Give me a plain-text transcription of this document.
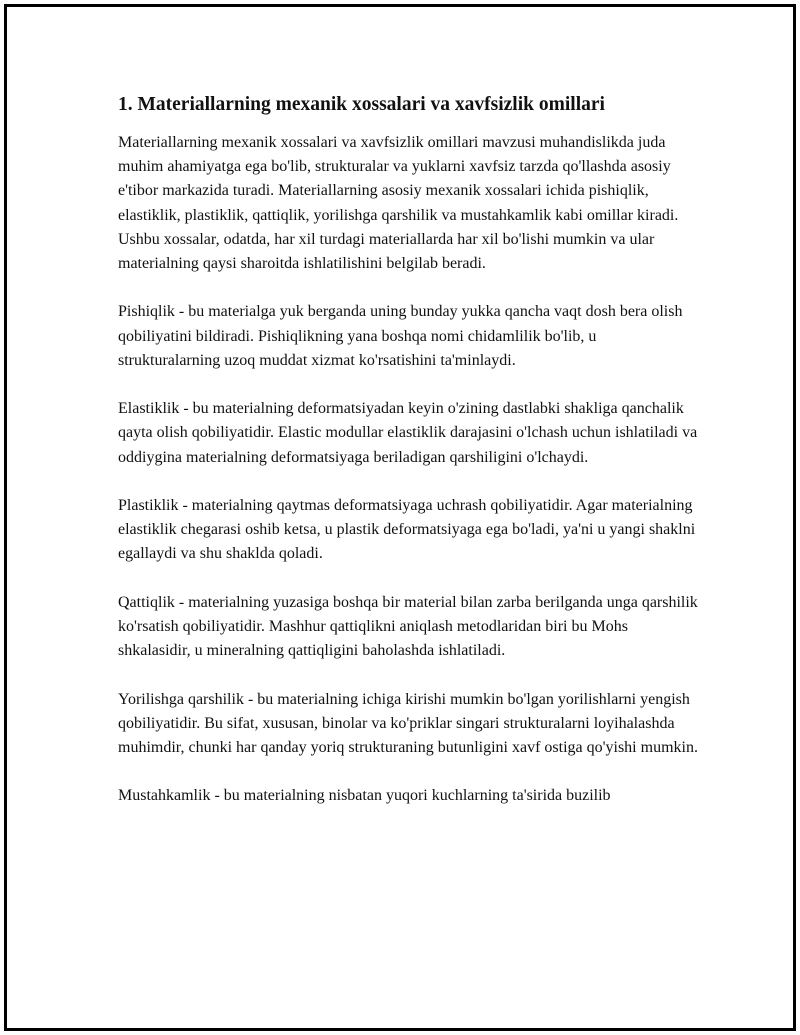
1. Materiallarning mexanik xossalari va xavfsizlik omillari

Materiallarning mexanik xossalari va xavfsizlik omillari mavzusi muhandislikda juda muhim ahamiyatga ega bo'lib, strukturalar va yuklarni xavfsiz tarzda qo'llashda asosiy e'tibor markazida turadi. Materiallarning asosiy mexanik xossalari ichida pishiqlik, elastiklik, plastiklik, qattiqlik, yorilishga qarshilik va mustahkamlik kabi omillar kiradi. Ushbu xossalar, odatda, har xil turdagi materiallarda har xil bo'lishi mumkin va ular materialning qaysi sharoitda ishlatilishini belgilab beradi.

Pishiqlik - bu materialga yuk berganda uning bunday yukka qancha vaqt dosh bera olish qobiliyatini bildiradi. Pishiqlikning yana boshqa nomi chidamlilik bo'lib, u strukturalarning uzoq muddat xizmat ko'rsatishini ta'minlaydi.

Elastiklik - bu materialning deformatsiyadan keyin o'zining dastlabki shakliga qanchalik qayta olish qobiliyatidir. Elastic modullar elastiklik darajasini o'lchash uchun ishlatiladi va oddiygina materialning deformatsiyaga beriladigan qarshiligini o'lchaydi.

Plastiklik - materialning qaytmas deformatsiyaga uchrash qobiliyatidir. Agar materialning elastiklik chegarasi oshib ketsa, u plastik deformatsiyaga ega bo'ladi, ya'ni u yangi shaklni egallaydi va shu shaklda qoladi.

Qattiqlik - materialning yuzasiga boshqa bir material bilan zarba berilganda unga qarshilik ko'rsatish qobiliyatidir. Mashhur qattiqlikni aniqlash metodlaridan biri bu Mohs shkalasidir, u mineralning qattiqligini baholashda ishlatiladi.

Yorilishga qarshilik - bu materialning ichiga kirishi mumkin bo'lgan yorilishlarni yengish qobiliyatidir. Bu sifat, xususan, binolar va ko'priklar singari strukturalarni loyihalashda muhimdir, chunki har qanday yoriq strukturaning butunligini xavf ostiga qo'yishi mumkin.

Mustahkamlik - bu materialning nisbatan yuqori kuchlarning ta'sirida buzilib
